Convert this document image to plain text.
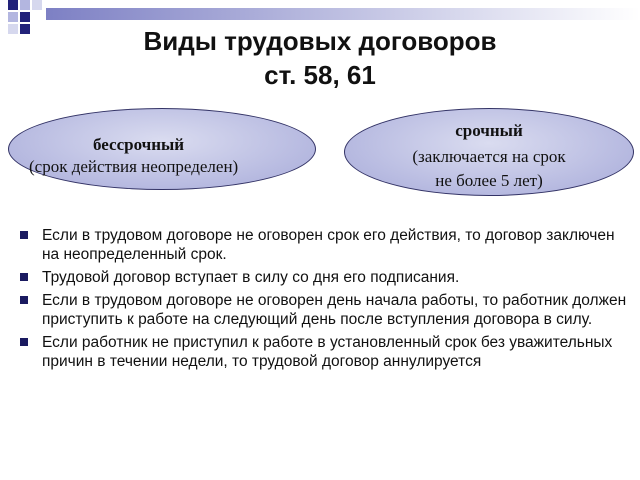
Виды трудовых договоров
ст. 58, 61
бессрочный
(срок действия неопределен)
срочный
(заключается на срок
не более 5 лет)
Если в трудовом договоре не оговорен срок его действия, то договор заключен на неопределенный срок.
Трудовой договор вступает в силу со дня его подписания.
Если в трудовом договоре не оговорен день начала работы, то работник должен приступить к работе на следующий день после вступления договора в силу.
Если работник не приступил к работе в установленный срок без уважительных причин в течении недели, то трудовой договор аннулируется
